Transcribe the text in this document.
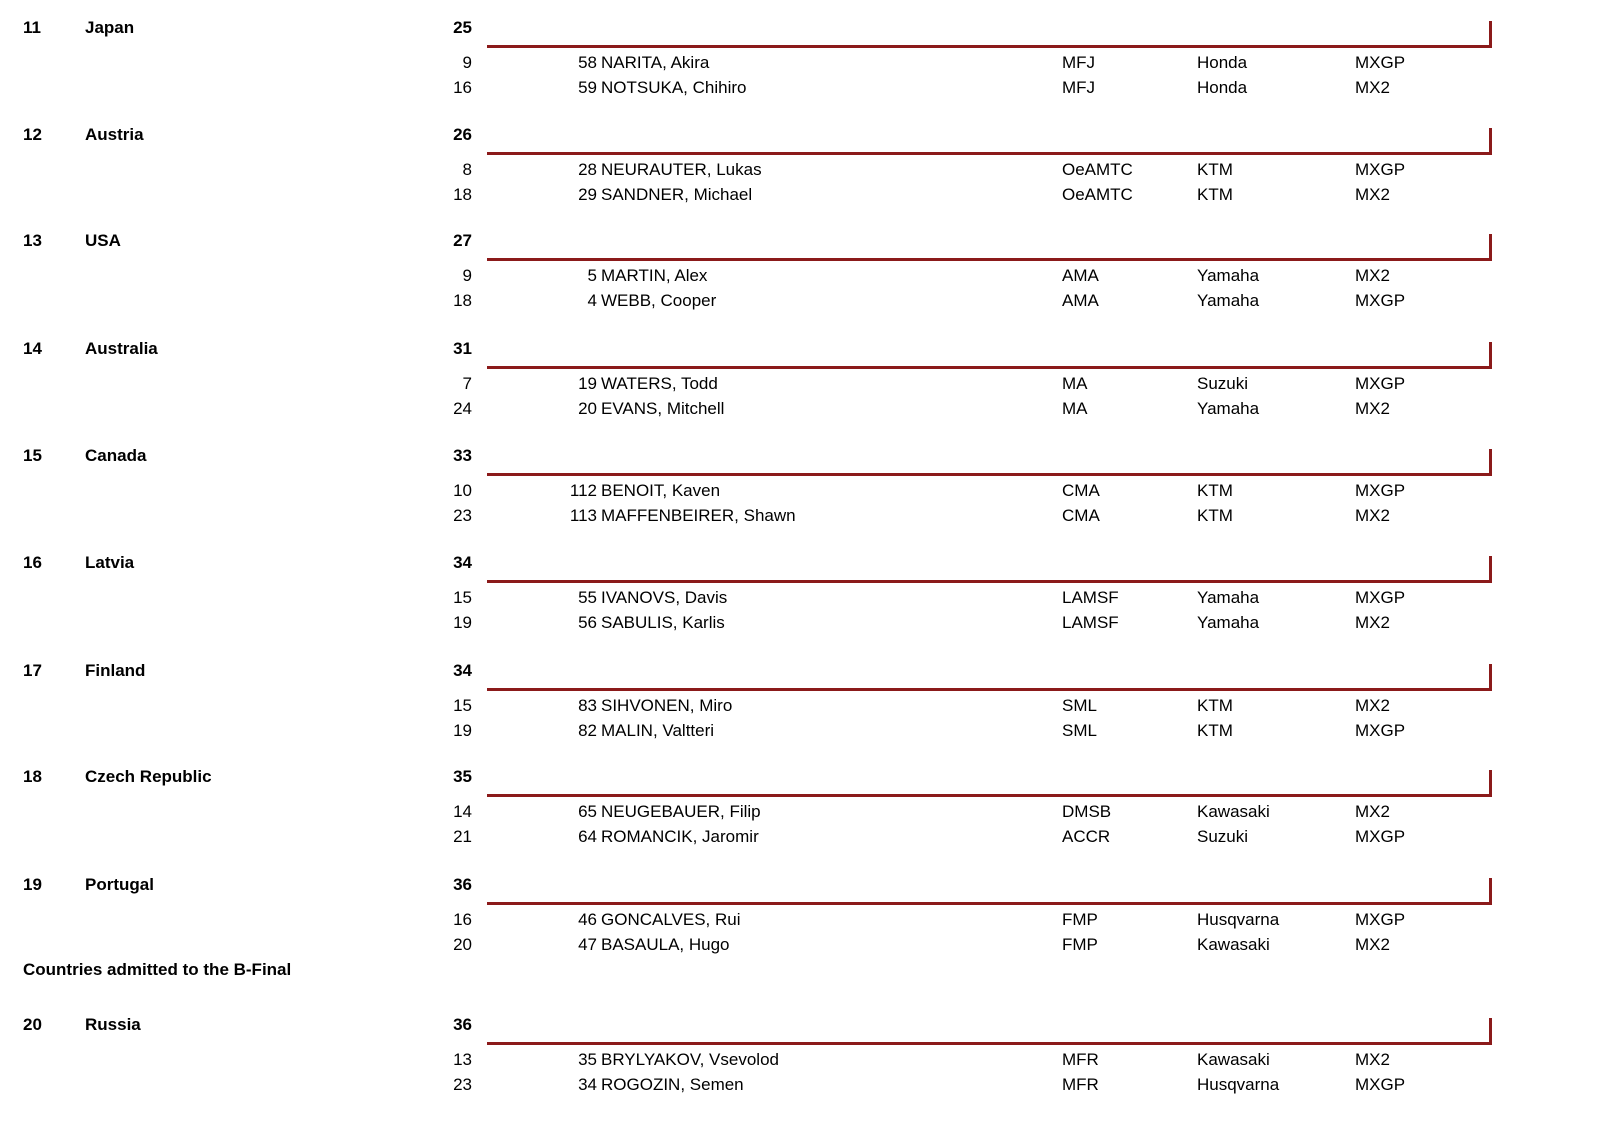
11	Japan	25
9	58 NARITA, Akira	MFJ	Honda	MXGP
16	59 NOTSUKA, Chihiro	MFJ	Honda	MX2
12	Austria	26
8	28 NEURAUTER, Lukas	OeAMTC	KTM	MXGP
18	29 SANDNER, Michael	OeAMTC	KTM	MX2
13	USA	27
9	5 MARTIN, Alex	AMA	Yamaha	MX2
18	4 WEBB, Cooper	AMA	Yamaha	MXGP
14	Australia	31
7	19 WATERS, Todd	MA	Suzuki	MXGP
24	20 EVANS, Mitchell	MA	Yamaha	MX2
15	Canada	33
10	112 BENOIT, Kaven	CMA	KTM	MXGP
23	113 MAFFENBEIRER, Shawn	CMA	KTM	MX2
16	Latvia	34
15	55 IVANOVS, Davis	LAMSF	Yamaha	MXGP
19	56 SABULIS, Karlis	LAMSF	Yamaha	MX2
17	Finland	34
15	83 SIHVONEN, Miro	SML	KTM	MX2
19	82 MALIN, Valtteri	SML	KTM	MXGP
18	Czech Republic	35
14	65 NEUGEBAUER, Filip	DMSB	Kawasaki	MX2
21	64 ROMANCIK, Jaromir	ACCR	Suzuki	MXGP
19	Portugal	36
16	46 GONCALVES, Rui	FMP	Husqvarna	MXGP
20	47 BASAULA, Hugo	FMP	Kawasaki	MX2
20	Russia	36
13	35 BRYLYAKOV, Vsevolod	MFR	Kawasaki	MX2
23	34 ROGOZIN, Semen	MFR	Husqvarna	MXGP
Countries admitted to the B-Final
